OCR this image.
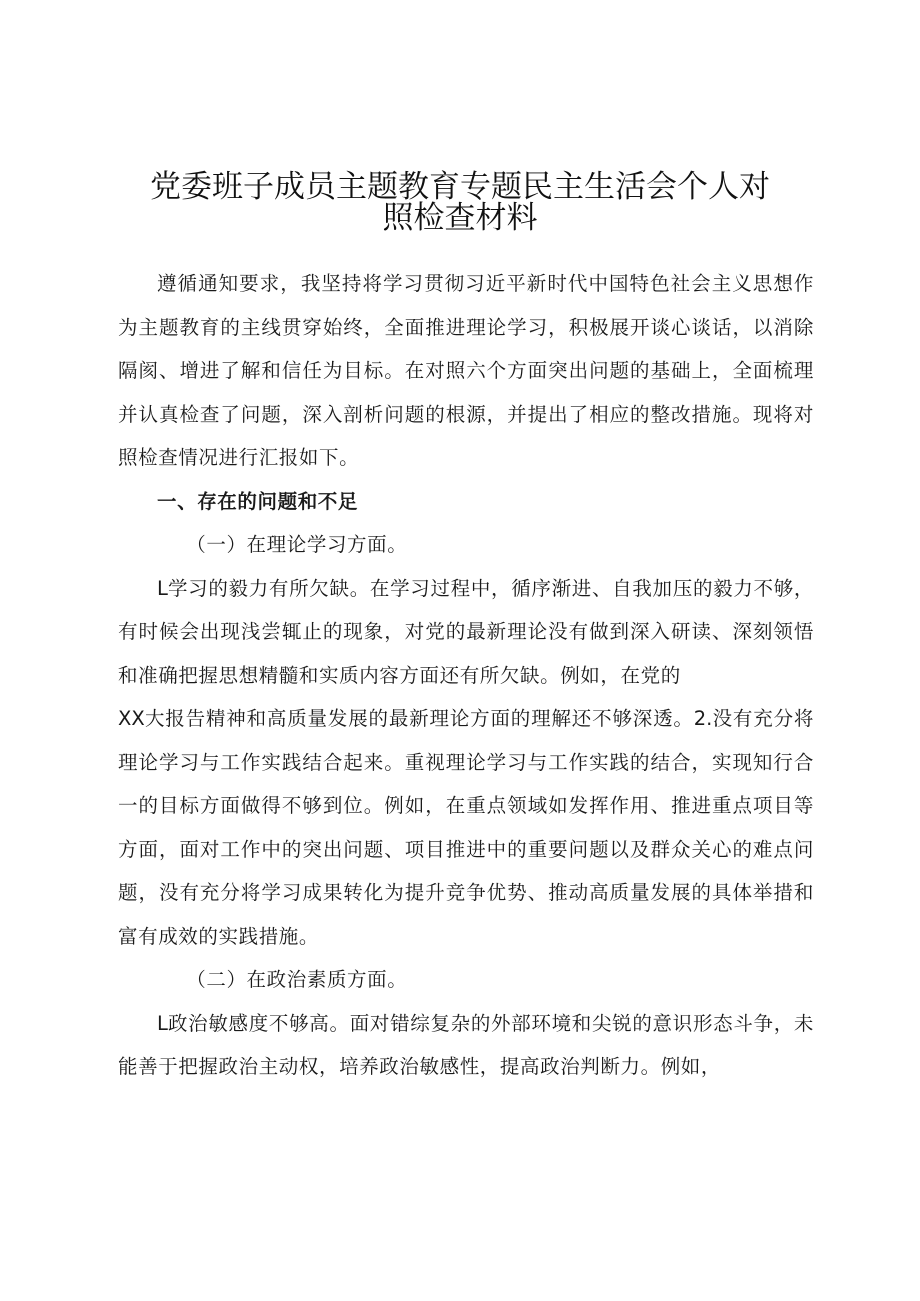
党委班子成员主题教育专题民主生活会个人对
照检查材料

遵循通知要求，我坚持将学习贯彻习近平新时代中国特色社会主义思想作为主题教育的主线贯穿始终，全面推进理论学习，积极展开谈心谈话，以消除隔阂、增进了解和信任为目标。在对照六个方面突出问题的基础上，全面梳理并认真检查了问题，深入剖析问题的根源，并提出了相应的整改措施。现将对照检查情况进行汇报如下。

一、存在的问题和不足

（一）在理论学习方面。

L学习的毅力有所欠缺。在学习过程中，循序渐进、自我加压的毅力不够，有时候会出现浅尝辄止的现象，对党的最新理论没有做到深入研读、深刻领悟和准确把握思想精髓和实质内容方面还有所欠缺。例如，在党的
XX大报告精神和高质量发展的最新理论方面的理解还不够深透。2.没有充分将理论学习与工作实践结合起来。重视理论学习与工作实践的结合，实现知行合一的目标方面做得不够到位。例如，在重点领域如发挥作用、推进重点项目等方面，面对工作中的突出问题、项目推进中的重要问题以及群众关心的难点问题，没有充分将学习成果转化为提升竞争优势、推动高质量发展的具体举措和富有成效的实践措施。

（二）在政治素质方面。

L政治敏感度不够高。面对错综复杂的外部环境和尖锐的意识形态斗争，未能善于把握政治主动权，培养政治敏感性，提高政治判断力。例如，
